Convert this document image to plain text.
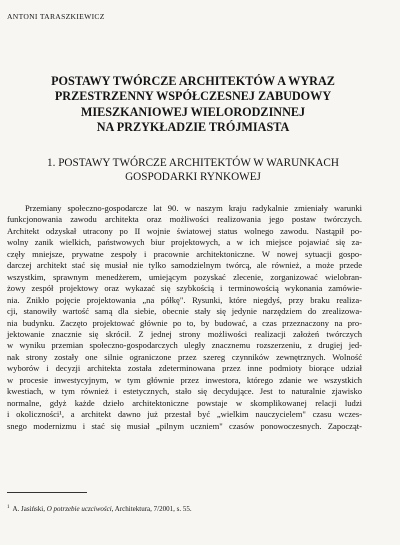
ANTONI TARASZKIEWICZ
POSTAWY TWÓRCZE ARCHITEKTÓW A WYRAZ
PRZESTRZENNY WSPÓŁCZESNEJ ZABUDOWY
MIESZKANIOWEJ WIELORODZINNEJ
NA PRZYKŁADZIE TRÓJMIASTA
1. POSTAWY TWÓRCZE ARCHITEKTÓW W WARUNKACH
GOSPODARKI RYNKOWEJ
Przemiany społeczno-gospodarcze lat 90. w naszym kraju radykalnie zmieniały warunki
funkcjonowania zawodu architekta oraz możliwości realizowania jego postaw twórczych.
Architekt odzyskał utracony po II wojnie światowej status wolnego zawodu. Nastąpił po-
wolny zanik wielkich, państwowych biur projektowych, a w ich miejsce pojawiać się za-
częły mniejsze, prywatne zespoły i pracownie architektoniczne. W nowej sytuacji gospo-
darczej architekt stać się musiał nie tylko samodzielnym twórcą, ale również, a może przede
wszystkim, sprawnym menedżerem, umiejącym pozyskać zlecenie, zorganizować wielobran-
żowy zespół projektowy oraz wykazać się szybkością i terminowością wykonania zamówie-
nia. Znikło pojęcie projektowania „na półkę". Rysunki, które niegdyś, przy braku realiza-
cji, stanowiły wartość samą dla siebie, obecnie stały się jedynie narzędziem do zrealizowa-
nia budynku. Zaczęto projektować głównie po to, by budować, a czas przeznaczony na pro-
jektowanie znacznie się skrócił. Z jednej strony możliwości realizacji założeń twórczych
w wyniku przemian społeczno-gospodarczych uległy znacznemu rozszerzeniu, z drugiej jed-
nak strony zostały one silnie ograniczone przez szereg czynników zewnętrznych. Wolność
wyborów i decyzji architekta została zdeterminowana przez inne podmioty biorące udział
w procesie inwestycyjnym, w tym głównie przez inwestora, którego zdanie we wszystkich
kwestiach, w tym również i estetycznych, stało się decydujące. Jest to naturalnie zjawisko
normalne, gdyż każde dzieło architektoniczne powstaje w skomplikowanej relacji ludzi
i okoliczności¹, a architekt dawno już przestał być „wielkim nauczycielem" czasu wczes-
snego modernizmu i stać się musiał „pilnym uczniem" czasów ponowoczesnych. Zapocząt-
$^1$ A. Jasiński, O potrzebie uczciwości, Architektura, 7/2001, s. 55.
